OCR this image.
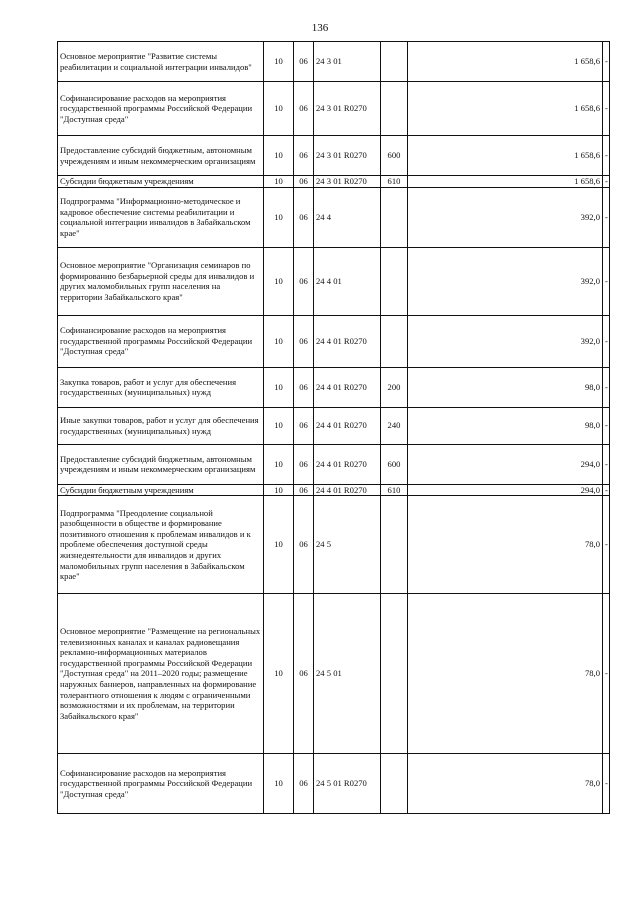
136
Основное мероприятие "Развитие системы реабилитации и социальной интеграции инвалидов"	10	06	24 3 01		1 658,6	-
Софинансирование расходов на мероприятия государственной программы Российской Федерации "Доступная среда"	10	06	24 3 01 R0270		1 658,6	-
Предоставление субсидий бюджетным, автономным учреждениям и иным некоммерческим организациям	10	06	24 3 01 R0270	600	1 658,6	-
Субсидии бюджетным учреждениям	10	06	24 3 01 R0270	610	1 658,6	-
Подпрограмма "Информационно-методическое и кадровое обеспечение системы реабилитации и социальной интеграции инвалидов в Забайкальском крае"	10	06	24 4		392,0	-
Основное мероприятие "Организация семинаров по формированию безбарьерной среды для инвалидов и других маломобильных групп населения на территории Забайкальского края"	10	06	24 4 01		392,0	-
Софинансирование расходов на мероприятия государственной программы Российской Федерации "Доступная среда"	10	06	24 4 01 R0270		392,0	-
Закупка товаров, работ и услуг для обеспечения государственных (муниципальных) нужд	10	06	24 4 01 R0270	200	98,0	-
Иные закупки товаров, работ и услуг для обеспечения государственных (муниципальных) нужд	10	06	24 4 01 R0270	240	98,0	-
Предоставление субсидий бюджетным, автономным учреждениям и иным некоммерческим организациям	10	06	24 4 01 R0270	600	294,0	-
Субсидии бюджетным учреждениям	10	06	24 4 01 R0270	610	294,0	-
Подпрограмма "Преодоление социальной разобщенности в обществе и формирование позитивного отношения к проблемам инвалидов и к проблеме обеспечения доступной среды жизнедеятельности для инвалидов и других маломобильных групп населения в Забайкальском крае"	10	06	24 5		78,0	-
Основное мероприятие "Размещение на региональных телевизионных каналах и каналах радиовещания рекламно-информационных материалов государственной программы Российской Федерации "Доступная среда" на 2011–2020 годы; размещение наружных баннеров, направленных на формирование толерантного отношения к людям с ограниченными возможностями и их проблемам, на территории Забайкальского края"	10	06	24 5 01		78,0	-
Софинансирование расходов на мероприятия государственной программы Российской Федерации "Доступная среда"	10	06	24 5 01 R0270		78,0	-
